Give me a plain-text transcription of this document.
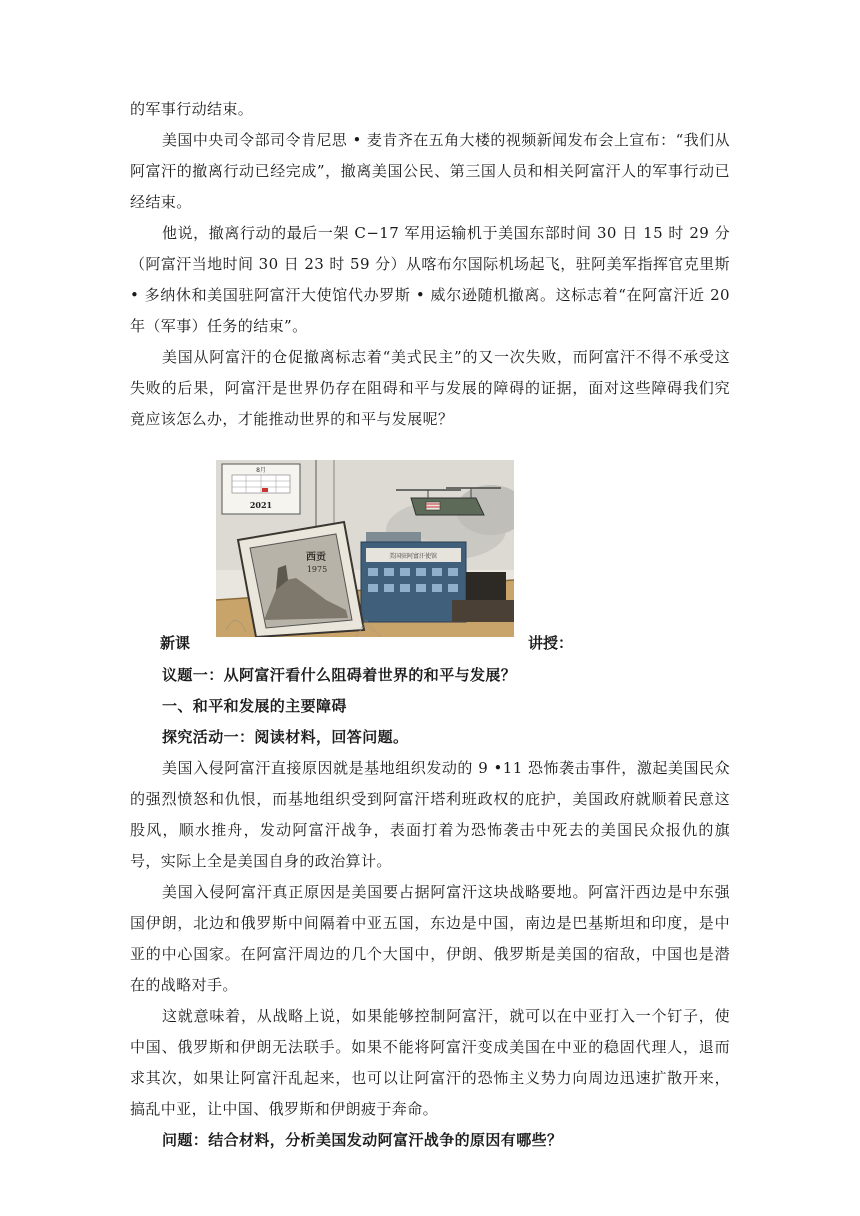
的军事行动结束。

美国中央司令部司令肯尼思 • 麦肯齐在五角大楼的视频新闻发布会上宣布：“我们从阿富汗的撤离行动已经完成”，撤离美国公民、第三国人员和相关阿富汗人的军事行动已经结束。

他说，撤离行动的最后一架 C−17 军用运输机于美国东部时间 30 日 15 时 29 分（阿富汗当地时间 30 日 23 时 59 分）从喀布尔国际机场起飞，驻阿美军指挥官克里斯 • 多纳休和美国驻阿富汗大使馆代办罗斯 • 威尔逊随机撤离。这标志着“在阿富汗近 20 年（军事）任务的结束”。

美国从阿富汗的仓促撤离标志着“美式民主”的又一次失败，而阿富汗不得不承受这失败的后果，阿富汗是世界仍存在阻碍和平与发展的障碍的证据，面对这些障碍我们究竟应该怎么办，才能推动世界的和平与发展呢？

8月
2021
美国驻阿富汗使馆
西贡
1975
新课	讲授：

议题一：从阿富汗看什么阻碍着世界的和平与发展？

一、和平和发展的主要障碍

探究活动一：阅读材料，回答问题。

美国入侵阿富汗直接原因就是基地组织发动的 9 •11 恐怖袭击事件，激起美国民众的强烈愤怒和仇恨，而基地组织受到阿富汗塔利班政权的庇护，美国政府就顺着民意这股风，顺水推舟，发动阿富汗战争，表面打着为恐怖袭击中死去的美国民众报仇的旗号，实际上全是美国自身的政治算计。

美国入侵阿富汗真正原因是美国要占据阿富汗这块战略要地。阿富汗西边是中东强国伊朗，北边和俄罗斯中间隔着中亚五国，东边是中国，南边是巴基斯坦和印度，是中亚的中心国家。在阿富汗周边的几个大国中，伊朗、俄罗斯是美国的宿敌，中国也是潜在的战略对手。

这就意味着，从战略上说，如果能够控制阿富汗，就可以在中亚打入一个钉子，使中国、俄罗斯和伊朗无法联手。如果不能将阿富汗变成美国在中亚的稳固代理人，退而求其次，如果让阿富汗乱起来，也可以让阿富汗的恐怖主义势力向周边迅速扩散开来，搞乱中亚，让中国、俄罗斯和伊朗疲于奔命。

问题：结合材料，分析美国发动阿富汗战争的原因有哪些？
